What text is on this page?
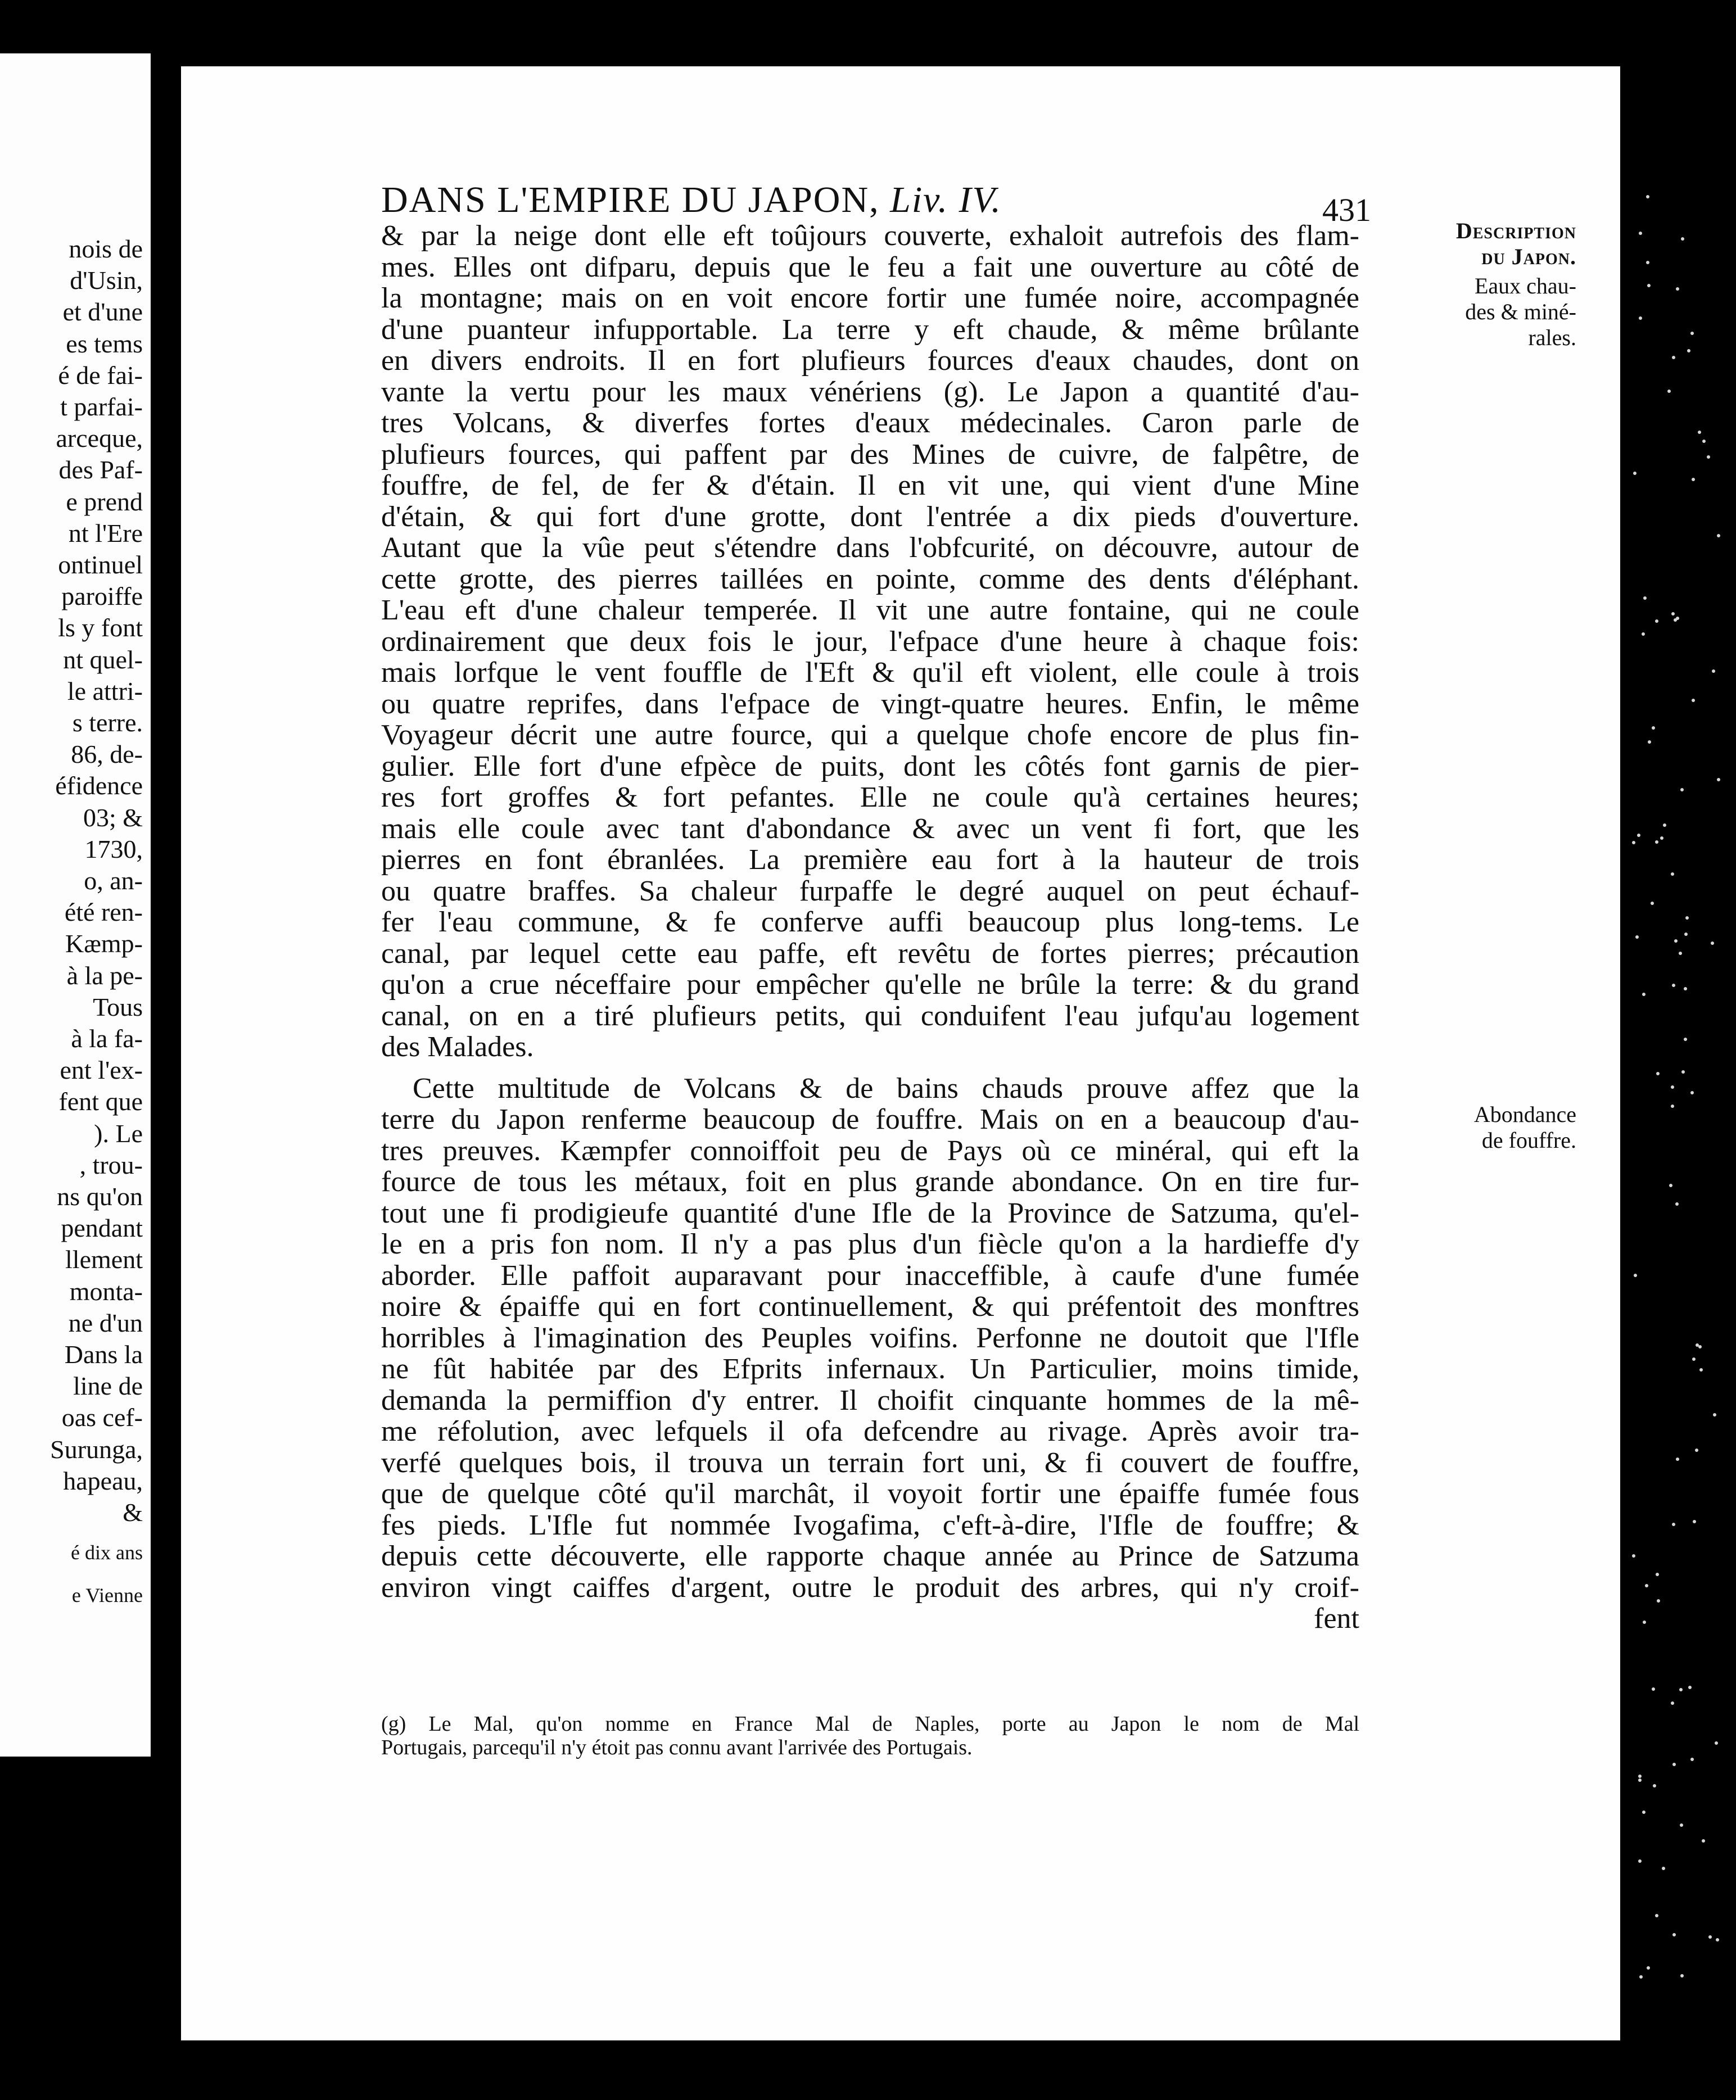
nois de
d'Usin,
et d'une
es tems
é de fai-
t parfai-
arceque,
des Paf-
e prend
nt l'Ere
ontinuel
paroiffe
ls y font
nt quel-
le attri-
s terre.
86, de-
éfidence
03; &
1730,
o, an-
été ren-
Kæmp-
à la pe-
Tous
à la fa-
ent l'ex-
fent que
). Le
, trou-
ns qu'on
pendant
llement
monta-
ne d'un
Dans la
line de
oas cef-
Surunga,
hapeau,
&
é dix ans
e Vienne
DANS L'EMPIRE DU JAPON, Liv. IV.	431
& par la neige dont elle eft toûjours couverte, exhaloit autrefois des flam-
mes. Elles ont difparu, depuis que le feu a fait une ouverture au côté de
la montagne; mais on en voit encore fortir une fumée noire, accompagnée
d'une puanteur infupportable. La terre y eft chaude, & même brûlante
en divers endroits. Il en fort plufieurs fources d'eaux chaudes, dont on
vante la vertu pour les maux vénériens (g). Le Japon a quantité d'au-
tres Volcans, & diverfes fortes d'eaux médecinales. Caron parle de
plufieurs fources, qui paffent par des Mines de cuivre, de falpêtre, de
fouffre, de fel, de fer & d'étain. Il en vit une, qui vient d'une Mine
d'étain, & qui fort d'une grotte, dont l'entrée a dix pieds d'ouverture.
Autant que la vûe peut s'étendre dans l'obfcurité, on découvre, autour de
cette grotte, des pierres taillées en pointe, comme des dents d'éléphant.
L'eau eft d'une chaleur temperée. Il vit une autre fontaine, qui ne coule
ordinairement que deux fois le jour, l'efpace d'une heure à chaque fois:
mais lorfque le vent fouffle de l'Eft & qu'il eft violent, elle coule à trois
ou quatre reprifes, dans l'efpace de vingt-quatre heures. Enfin, le même
Voyageur décrit une autre fource, qui a quelque chofe encore de plus fin-
gulier. Elle fort d'une efpèce de puits, dont les côtés font garnis de pier-
res fort groffes & fort pefantes. Elle ne coule qu'à certaines heures;
mais elle coule avec tant d'abondance & avec un vent fi fort, que les
pierres en font ébranlées. La première eau fort à la hauteur de trois
ou quatre braffes. Sa chaleur furpaffe le degré auquel on peut échauf-
fer l'eau commune, & fe conferve auffi beaucoup plus long-tems. Le
canal, par lequel cette eau paffe, eft revêtu de fortes pierres; précaution
qu'on a crue néceffaire pour empêcher qu'elle ne brûle la terre: & du grand
canal, on en a tiré plufieurs petits, qui conduifent l'eau jufqu'au logement
des Malades.
Cette multitude de Volcans & de bains chauds prouve affez que la
terre du Japon renferme beaucoup de fouffre. Mais on en a beaucoup d'au-
tres preuves. Kæmpfer connoiffoit peu de Pays où ce minéral, qui eft la
fource de tous les métaux, foit en plus grande abondance. On en tire fur-
tout une fi prodigieufe quantité d'une Ifle de la Province de Satzuma, qu'el-
le en a pris fon nom. Il n'y a pas plus d'un fiècle qu'on a la hardieffe d'y
aborder. Elle paffoit auparavant pour inacceffible, à caufe d'une fumée
noire & épaiffe qui en fort continuellement, & qui préfentoit des monftres
horribles à l'imagination des Peuples voifins. Perfonne ne doutoit que l'Ifle
ne fût habitée par des Efprits infernaux. Un Particulier, moins timide,
demanda la permiffion d'y entrer. Il choifit cinquante hommes de la mê-
me réfolution, avec lefquels il ofa defcendre au rivage. Après avoir tra-
verfé quelques bois, il trouva un terrain fort uni, & fi couvert de fouffre,
que de quelque côté qu'il marchât, il voyoit fortir une épaiffe fumée fous
fes pieds. L'Ifle fut nommée Ivogafima, c'eft-à-dire, l'Ifle de fouffre; &
depuis cette découverte, elle rapporte chaque année au Prince de Satzuma
environ vingt caiffes d'argent, outre le produit des arbres, qui n'y croif-
fent
Description
du Japon.
Eaux chau-
des & miné-
rales.
Abondance
de fouffre.
(g) Le Mal, qu'on nomme en France Mal de Naples, porte au Japon le nom de Mal
Portugais, parcequ'il n'y étoit pas connu avant l'arrivée des Portugais.
